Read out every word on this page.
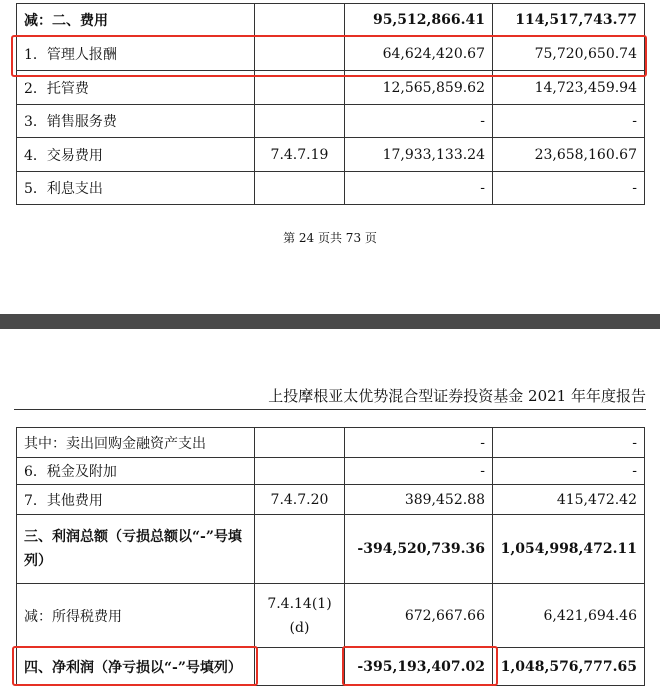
减：二、费用		95,512,866.41	114,517,743.77
1．管理人报酬		64,624,420.67	75,720,650.74
2．托管费		12,565,859.62	14,723,459.94
3．销售服务费		-	-
4．交易费用	7.4.7.19	17,933,133.24	23,658,160.67
5．利息支出		-	-
第 24 页共 73 页
上投摩根亚太优势混合型证券投资基金 2021 年年度报告
其中：卖出回购金融资产支出		-	-
6．税金及附加		-	-
7．其他费用	7.4.7.20	389,452.88	415,472.42
三、利润总额（亏损总额以“-”号填列）		-394,520,739.36	1,054,998,472.11
减：所得税费用	7.4.14(1)(d)	672,667.66	6,421,694.46
四、净利润（净亏损以“-”号填列）		-395,193,407.02	1,048,576,777.65
